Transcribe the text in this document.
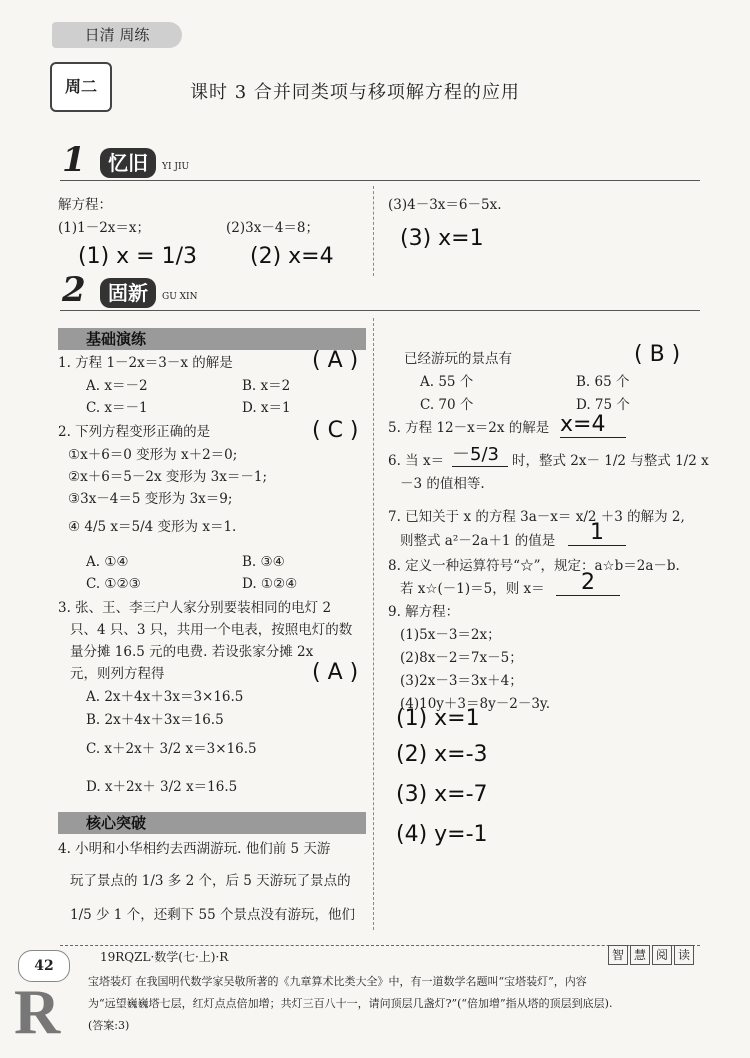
日清 周练
周二	课时 3 合并同类项与移项解方程的应用
1	忆旧	YI JIU
解方程：
(1)1－2x＝x；	(2)3x－4＝8；
(3)4－3x＝6－5x.
(1) x = 1/3 (2) x=4
(3) x=1
2	固新	GU XIN
基础演练
1. 方程 1－2x＝3－x 的解是	( A )
A. x＝－2	B. x＝2
C. x＝－1	D. x＝1
2. 下列方程变形正确的是	( C )
①x＋6＝0 变形为 x＋2＝0;
②x＋6＝5－2x 变形为 3x＝－1;
③3x－4＝5 变形为 3x＝9;
④ 4/5 x＝5/4 变形为 x＝1.
A. ①④	B. ③④
C. ①②③	D. ①②④
3. 张、王、李三户人家分别要装相同的电灯 2
只、4 只、3 只，共用一个电表，按照电灯的数
量分摊 16.5 元的电费. 若设张家分摊 2x
元，则列方程得	( A )
A. 2x＋4x＋3x＝3×16.5
B. 2x＋4x＋3x＝16.5
C. x＋2x＋ 3/2 x＝3×16.5
D. x＋2x＋ 3/2 x＝16.5
核心突破
4. 小明和小华相约去西湖游玩. 他们前 5 天游
玩了景点的 1/3 多 2 个，后 5 天游玩了景点的
1/5 少 1 个，还剩下 55 个景点没有游玩，他们
已经游玩的景点有	( B )
A. 55 个	B. 65 个
C. 70 个	D. 75 个
5. 方程 12－x＝2x 的解是 x=4
6. 当 x＝ －5/3 时，整式 2x－ 1/2 与整式 1/2 x
－3 的值相等.
7. 已知关于 x 的方程 3a－x＝ x/2 ＋3 的解为 2,
则整式 a²－2a＋1 的值是	1
8. 定义一种运算符号“☆”，规定：a☆b＝2a－b.
若 x☆(－1)＝5，则 x＝	2
9. 解方程：
(1)5x－3＝2x；
(2)8x－2＝7x－5；
(3)2x－3＝3x＋4；
(4)10y＋3＝8y－2－3y.
(1) x=1
(2) x=-3
(3) x=-7
(4) y=-1
42
19RQZL·数学(七·上)·R	智 慧 阅 读
宝塔装灯 在我国明代数学家吴敬所著的《九章算术比类大全》中，有一道数学名题叫“宝塔装灯”，内容
为“远望巍巍塔七层，红灯点点倍加增；共灯三百八十一，请问顶层几盏灯?”(“倍加增”指从塔的顶层到底层).
(答案:3)
R
